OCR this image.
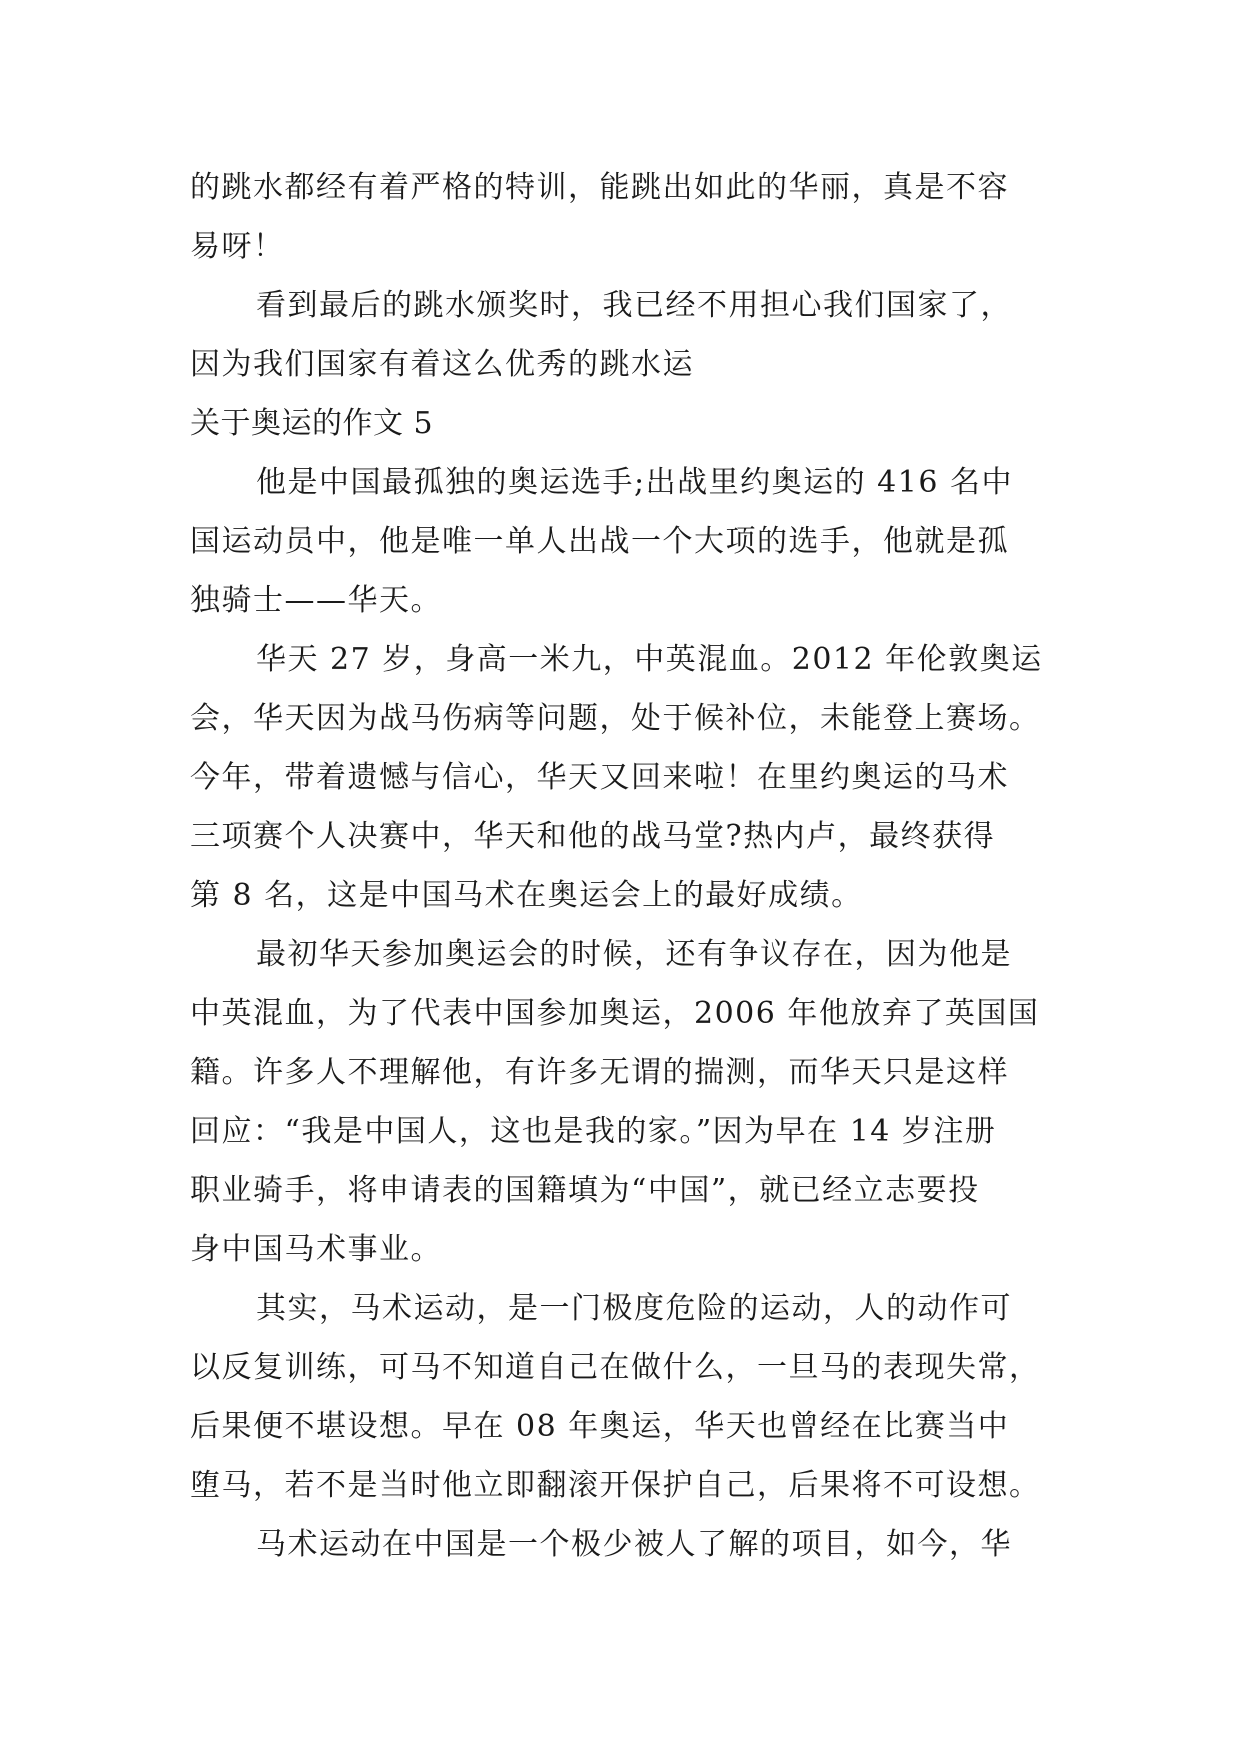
的跳水都经有着严格的特训，能跳出如此的华丽，真是不容
易呀！
看到最后的跳水颁奖时，我已经不用担心我们国家了，
因为我们国家有着这么优秀的跳水运
关于奥运的作文 5
他是中国最孤独的奥运选手;出战里约奥运的 416 名中
国运动员中，他是唯一单人出战一个大项的选手，他就是孤
独骑士——华天。
华天 27 岁，身高一米九，中英混血。2012 年伦敦奥运
会，华天因为战马伤病等问题，处于候补位，未能登上赛场。
今年，带着遗憾与信心，华天又回来啦！在里约奥运的马术
三项赛个人决赛中，华天和他的战马堂?热内卢，最终获得
第 8 名，这是中国马术在奥运会上的最好成绩。
最初华天参加奥运会的时候，还有争议存在，因为他是
中英混血，为了代表中国参加奥运，2006 年他放弃了英国国
籍。许多人不理解他，有许多无谓的揣测，而华天只是这样
回应：“我是中国人，这也是我的家。”因为早在 14 岁注册
职业骑手，将申请表的国籍填为“中国”，就已经立志要投
身中国马术事业。
其实，马术运动，是一门极度危险的运动，人的动作可
以反复训练，可马不知道自己在做什么，一旦马的表现失常，
后果便不堪设想。早在 08 年奥运，华天也曾经在比赛当中
堕马，若不是当时他立即翻滚开保护自己，后果将不可设想。
马术运动在中国是一个极少被人了解的项目，如今，华
